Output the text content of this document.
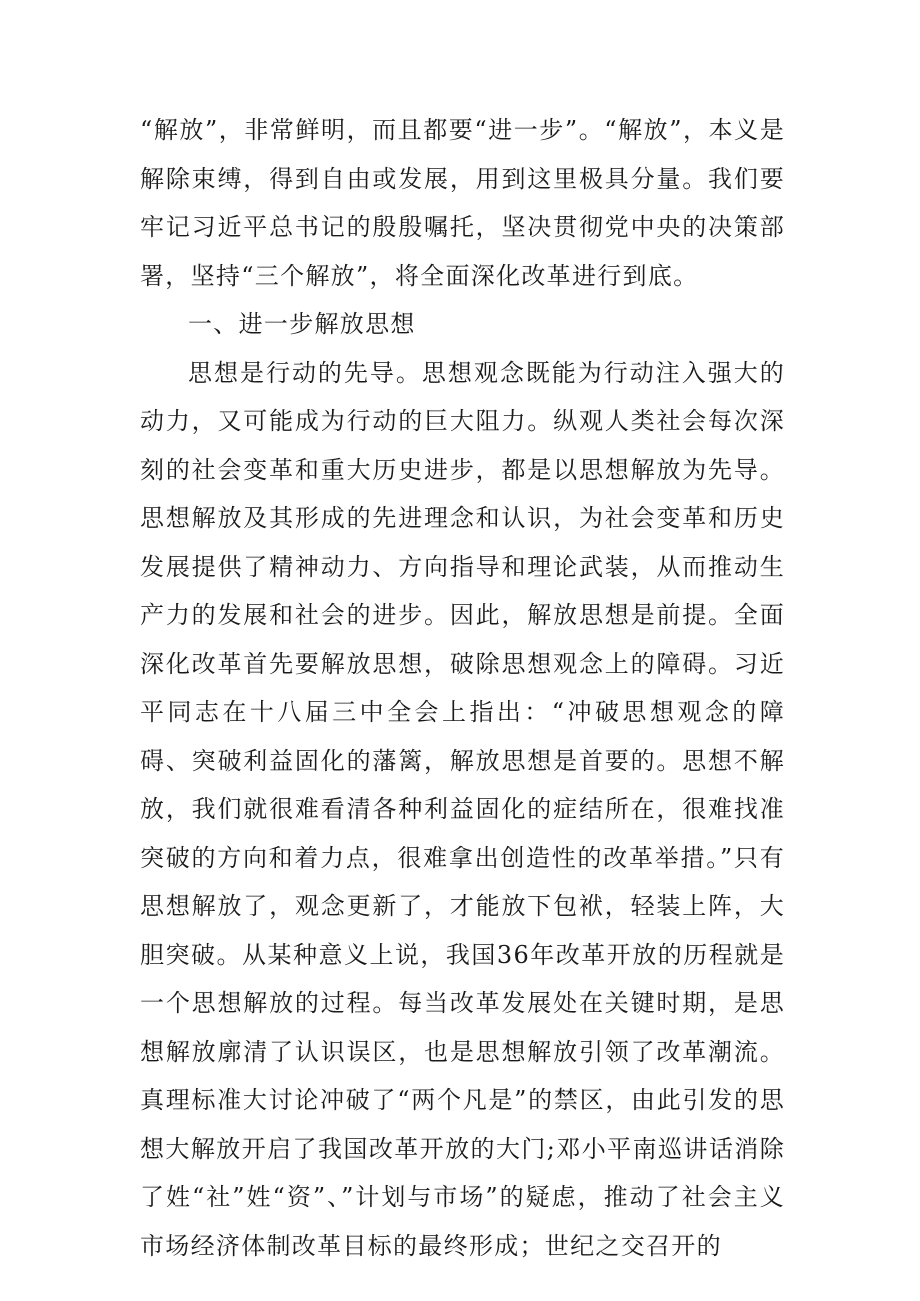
“解放”，非常鲜明，而且都要“进一步”。“解放”，本义是解除束缚，得到自由或发展，用到这里极具分量。我们要牢记习近平总书记的殷殷嘱托，坚决贯彻党中央的决策部署，坚持“三个解放”，将全面深化改革进行到底。

一、进一步解放思想

思想是行动的先导。思想观念既能为行动注入强大的动力，又可能成为行动的巨大阻力。纵观人类社会每次深刻的社会变革和重大历史进步，都是以思想解放为先导。思想解放及其形成的先进理念和认识，为社会变革和历史发展提供了精神动力、方向指导和理论武装，从而推动生产力的发展和社会的进步。因此，解放思想是前提。全面深化改革首先要解放思想，破除思想观念上的障碍。习近平同志在十八届三中全会上指出：“冲破思想观念的障碍、突破利益固化的藩篱，解放思想是首要的。思想不解放，我们就很难看清各种利益固化的症结所在，很难找准突破的方向和着力点，很难拿出创造性的改革举措。”只有思想解放了，观念更新了，才能放下包袱，轻装上阵，大胆突破。从某种意义上说，我国36年改革开放的历程就是一个思想解放的过程。每当改革发展处在关键时期，是思想解放廓清了认识误区，也是思想解放引领了改革潮流。真理标准大讨论冲破了“两个凡是”的禁区，由此引发的思想大解放开启了我国改革开放的大门;邓小平南巡讲话消除了姓“社”姓“资”、”计划与市场”的疑虑，推动了社会主义市场经济体制改革目标的最终形成；世纪之交召开的
